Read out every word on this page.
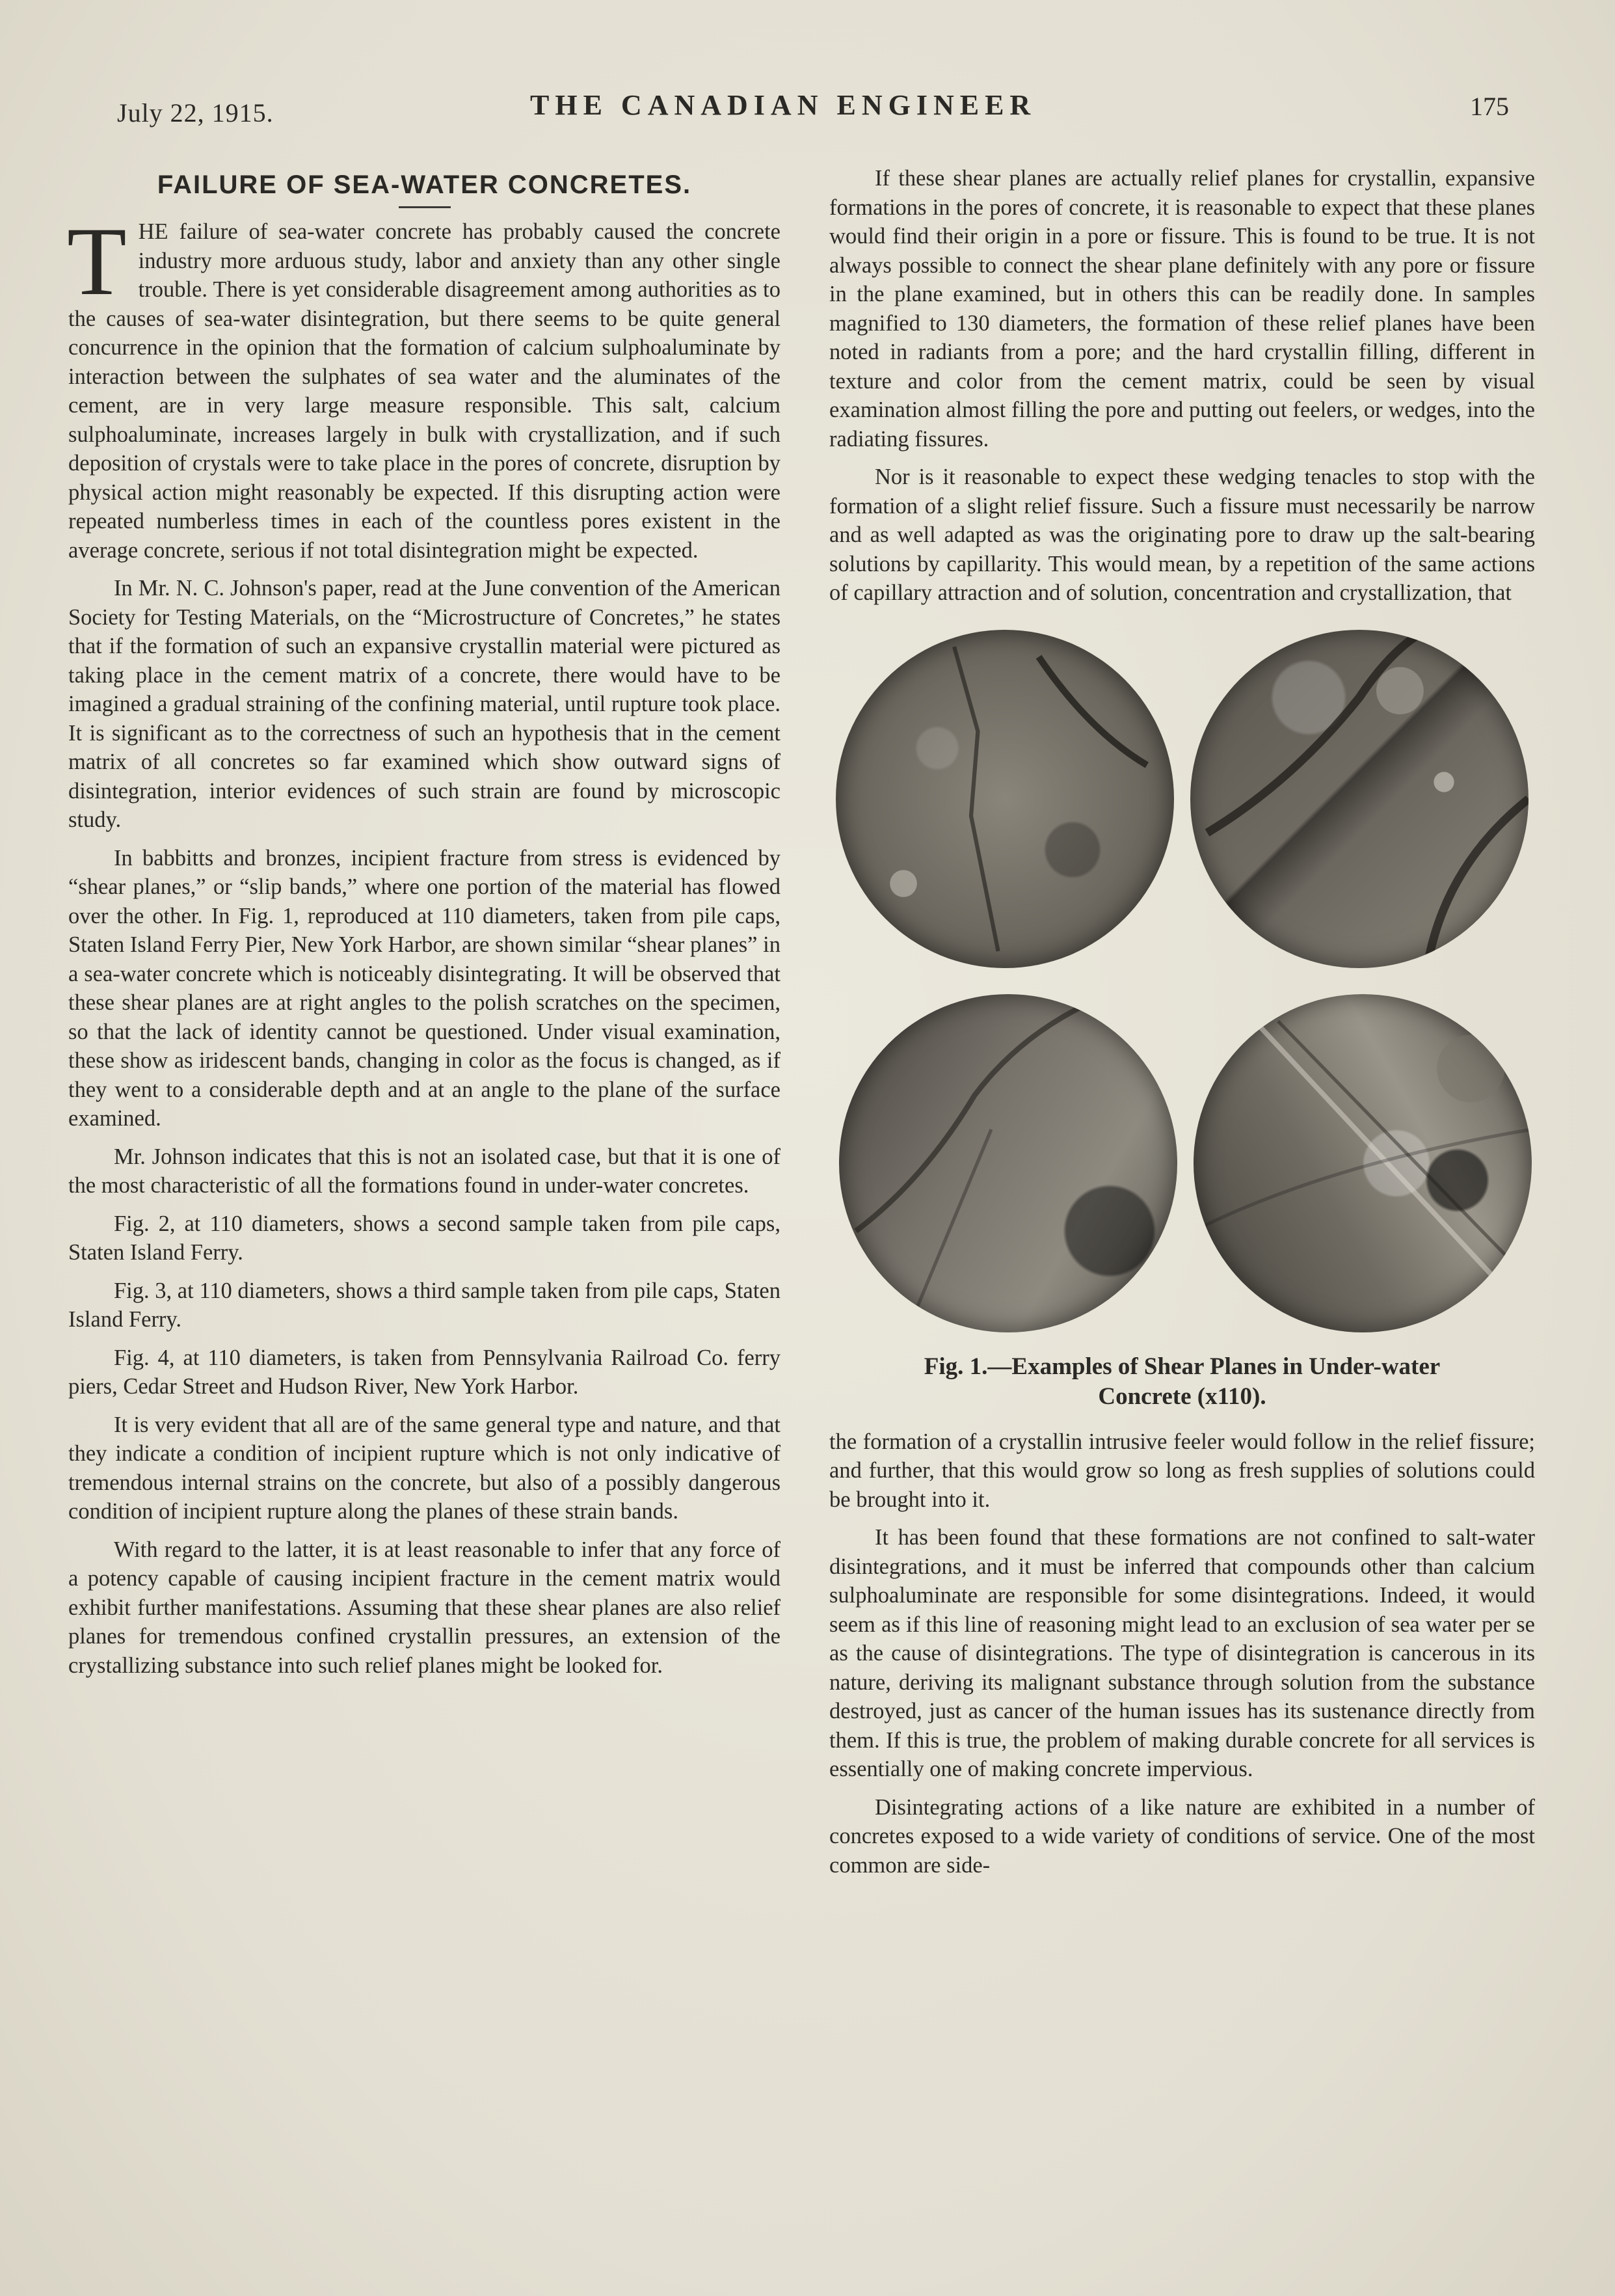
July 22, 1915.	THE CANADIAN ENGINEER	175
FAILURE OF SEA-WATER CONCRETES.

T HE failure of sea-water concrete has probably caused the concrete industry more arduous study, labor and anxiety than any other single trouble. There is yet considerable disagreement among authorities as to the causes of sea-water disintegration, but there seems to be quite general concurrence in the opinion that the formation of calcium sulphoaluminate by interaction between the sulphates of sea water and the aluminates of the cement, are in very large measure responsible. This salt, calcium sulphoaluminate, increases largely in bulk with crystallization, and if such deposition of crystals were to take place in the pores of concrete, disruption by physical action might reasonably be expected. If this disrupting action were repeated numberless times in each of the countless pores existent in the average concrete, serious if not total disintegration might be expected.

In Mr. N. C. Johnson's paper, read at the June convention of the American Society for Testing Materials, on the “Microstructure of Concretes,” he states that if the formation of such an expansive crystallin material were pictured as taking place in the cement matrix of a concrete, there would have to be imagined a gradual straining of the confining material, until rupture took place. It is significant as to the correctness of such an hypothesis that in the cement matrix of all concretes so far examined which show outward signs of disintegration, interior evidences of such strain are found by microscopic study.

In babbitts and bronzes, incipient fracture from stress is evidenced by “shear planes,” or “slip bands,” where one portion of the material has flowed over the other. In Fig. 1, reproduced at 110 diameters, taken from pile caps, Staten Island Ferry Pier, New York Harbor, are shown similar “shear planes” in a sea-water concrete which is noticeably disintegrating. It will be observed that these shear planes are at right angles to the polish scratches on the specimen, so that the lack of identity cannot be questioned. Under visual examination, these show as iridescent bands, changing in color as the focus is changed, as if they went to a considerable depth and at an angle to the plane of the surface examined.

Mr. Johnson indicates that this is not an isolated case, but that it is one of the most characteristic of all the formations found in under-water concretes.

Fig. 2, at 110 diameters, shows a second sample taken from pile caps, Staten Island Ferry.

Fig. 3, at 110 diameters, shows a third sample taken from pile caps, Staten Island Ferry.

Fig. 4, at 110 diameters, is taken from Pennsylvania Railroad Co. ferry piers, Cedar Street and Hudson River, New York Harbor.

It is very evident that all are of the same general type and nature, and that they indicate a condition of incipient rupture which is not only indicative of tremendous internal strains on the concrete, but also of a possibly dangerous condition of incipient rupture along the planes of these strain bands.

With regard to the latter, it is at least reasonable to infer that any force of a potency capable of causing incipient fracture in the cement matrix would exhibit further manifestations. Assuming that these shear planes are also relief planes for tremendous confined crystallin pressures, an extension of the crystallizing substance into such relief planes might be looked for.

If these shear planes are actually relief planes for crystallin, expansive formations in the pores of concrete, it is reasonable to expect that these planes would find their origin in a pore or fissure. This is found to be true. It is not always possible to connect the shear plane definitely with any pore or fissure in the plane examined, but in others this can be readily done. In samples magnified to 130 diameters, the formation of these relief planes have been noted in radiants from a pore; and the hard crystallin filling, different in texture and color from the cement matrix, could be seen by visual examination almost filling the pore and putting out feelers, or wedges, into the radiating fissures.

Nor is it reasonable to expect these wedging tenacles to stop with the formation of a slight relief fissure. Such a fissure must necessarily be narrow and as well adapted as was the originating pore to draw up the salt-bearing solutions by capillarity. This would mean, by a repetition of the same actions of capillary attraction and of solution, concentration and crystallization, that

Fig. 1.—Examples of Shear Planes in Under-water
Concrete (x110).

the formation of a crystallin intrusive feeler would follow in the relief fissure; and further, that this would grow so long as fresh supplies of solutions could be brought into it.

It has been found that these formations are not confined to salt-water disintegrations, and it must be inferred that compounds other than calcium sulphoaluminate are responsible for some disintegrations. Indeed, it would seem as if this line of reasoning might lead to an exclusion of sea water per se as the cause of disintegrations. The type of disintegration is cancerous in its nature, deriving its malignant substance through solution from the substance destroyed, just as cancer of the human issues has its sustenance directly from them. If this is true, the problem of making durable concrete for all services is essentially one of making concrete impervious.

Disintegrating actions of a like nature are exhibited in a number of concretes exposed to a wide variety of conditions of service. One of the most common are side-
